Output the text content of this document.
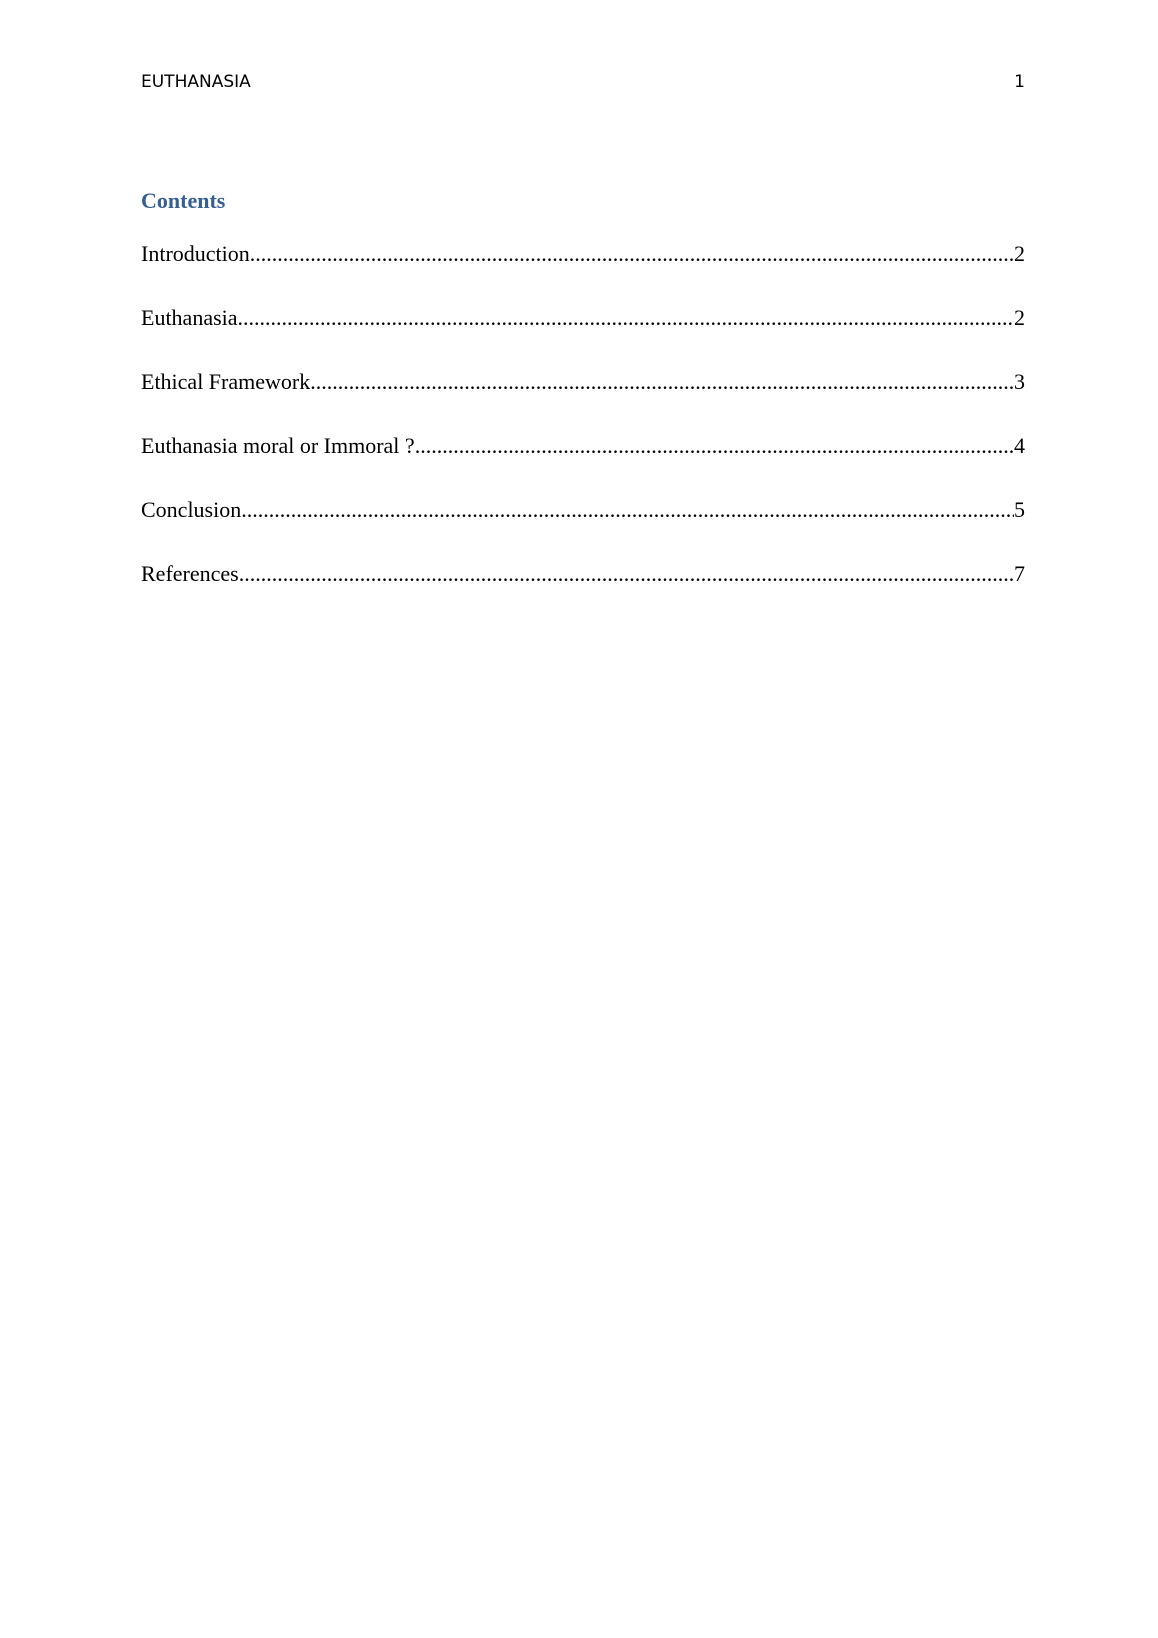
EUTHANASIA	1
Contents
Introduction .....	2
Euthanasia .....	2
Ethical Framework .....	3
Euthanasia moral or Immoral ? .....	4
Conclusion .....	5
References .....	7
